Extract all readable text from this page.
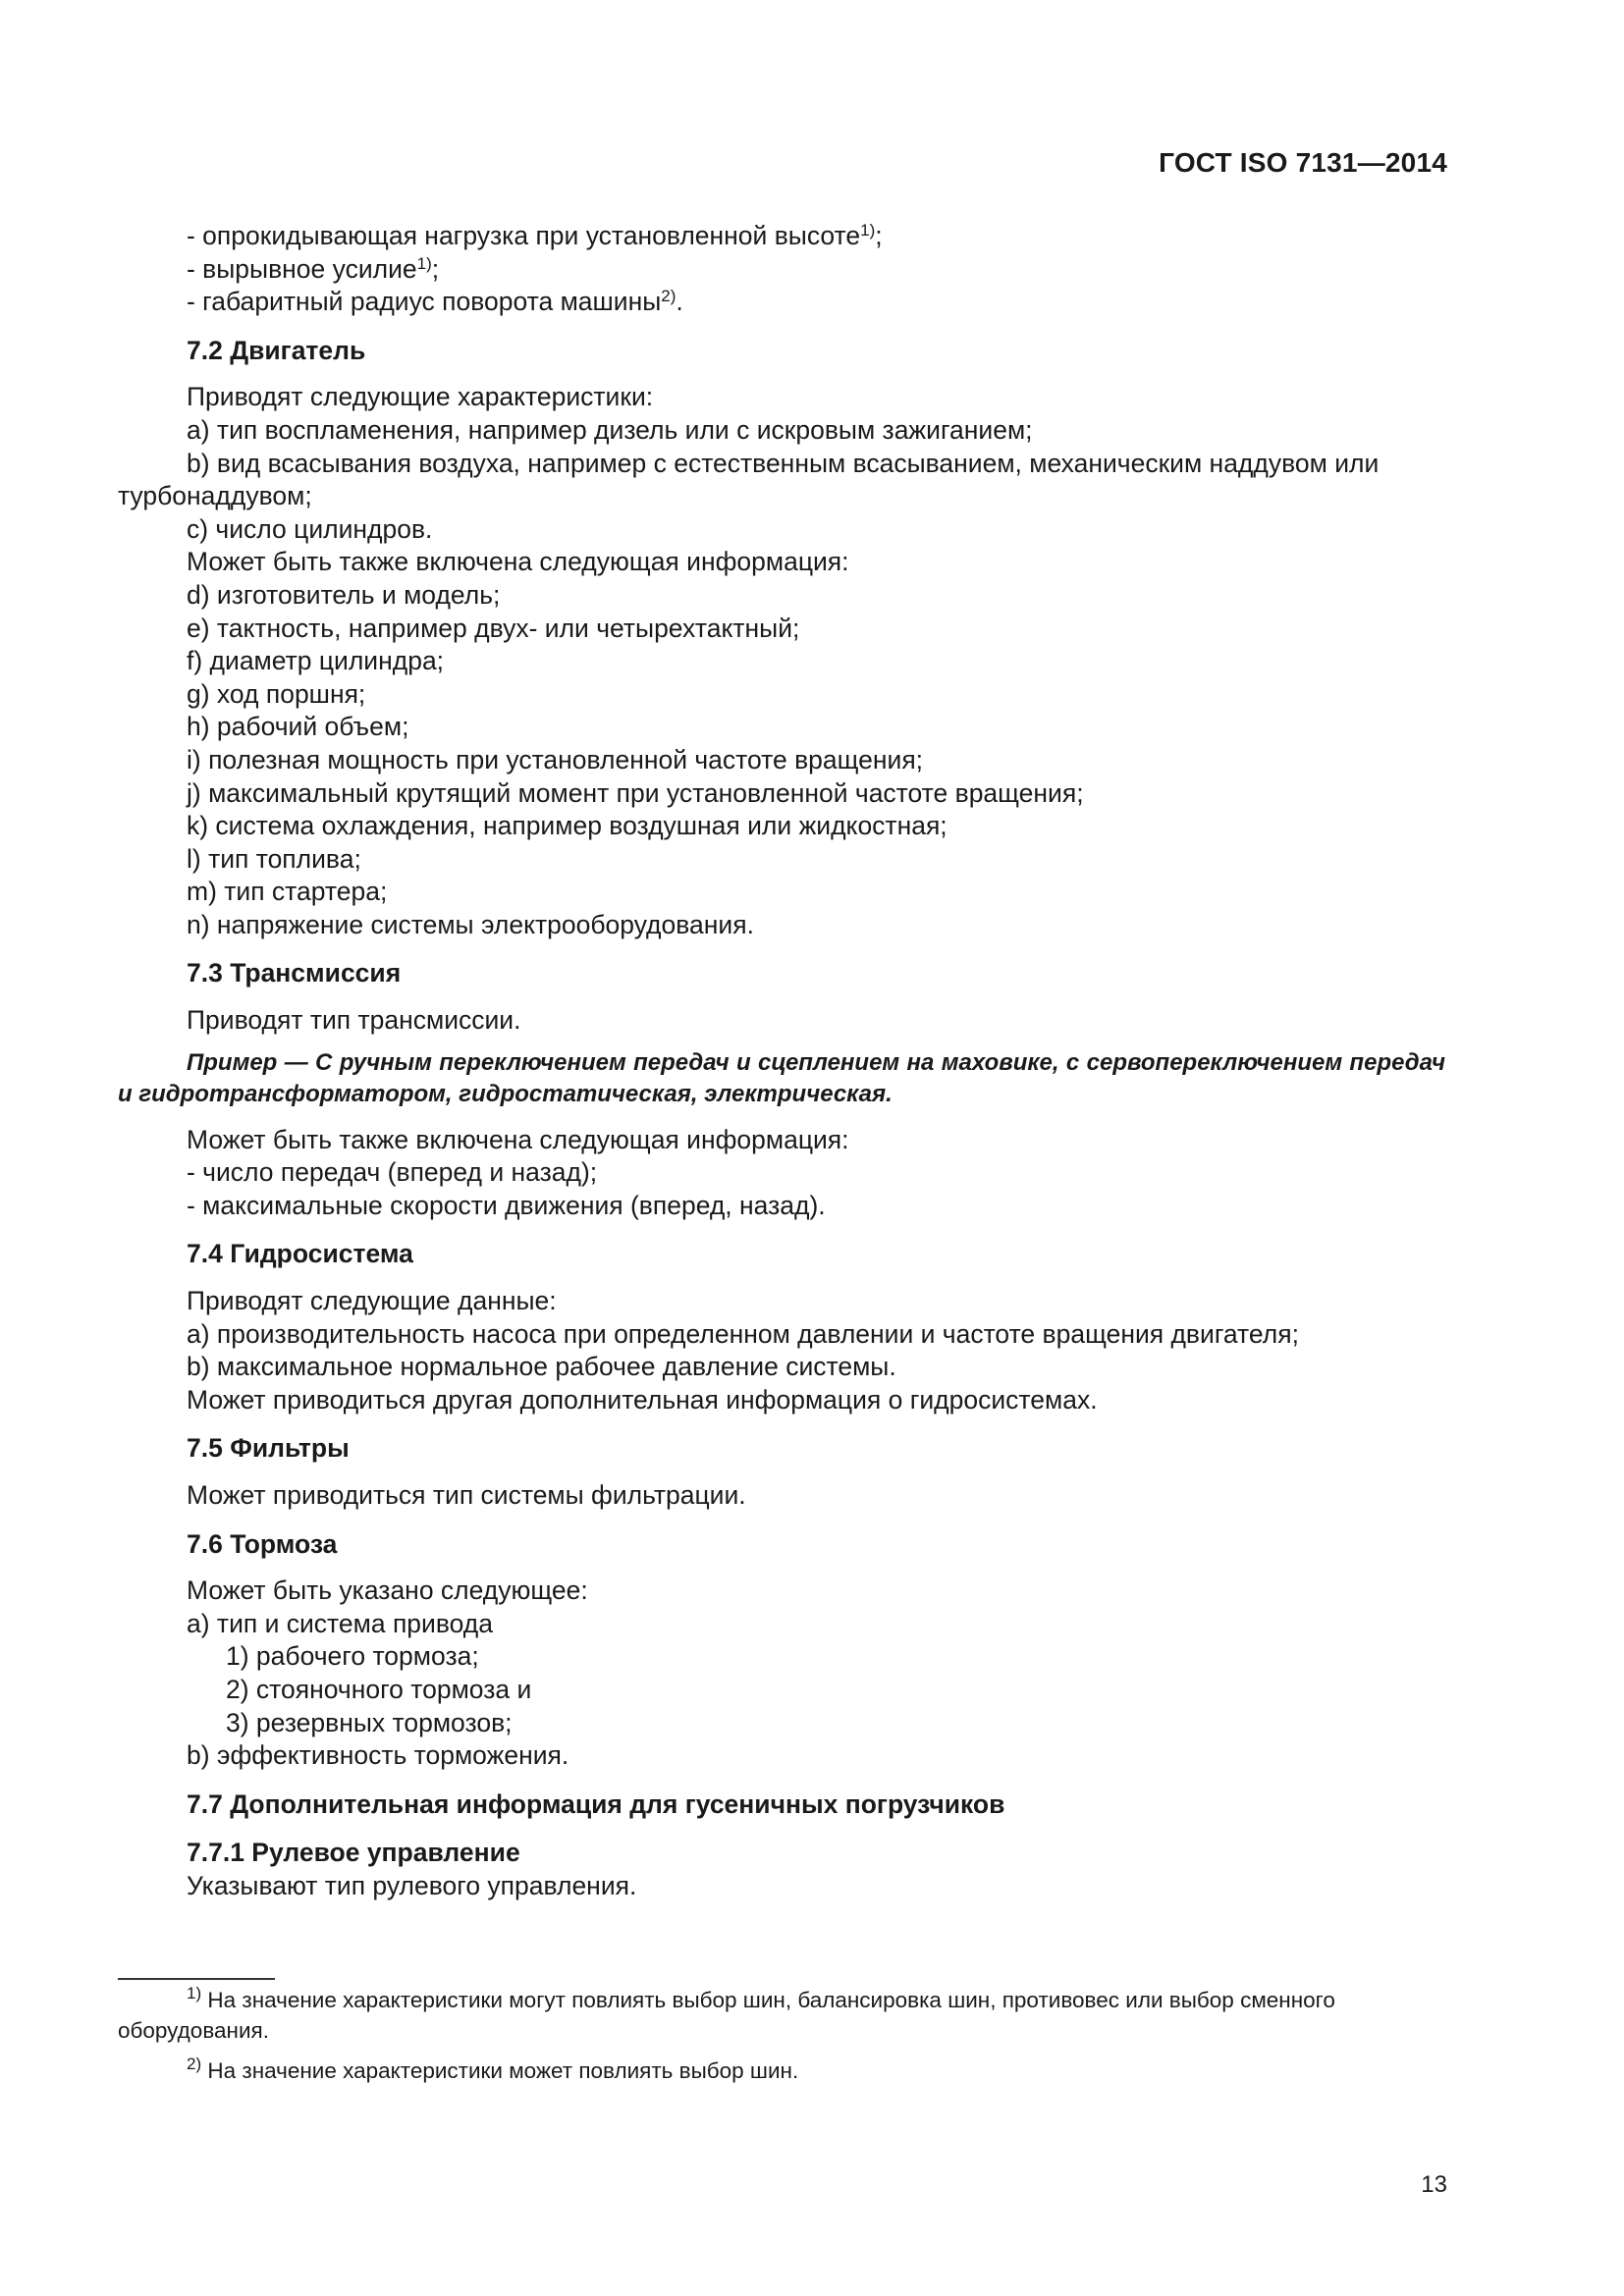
ГОСТ ISO 7131—2014
- опрокидывающая нагрузка при установленной высоте$^{1)}$;
- вырывное усилие$^{1)}$;
- габаритный радиус поворота машины$^{2)}$.
7.2 Двигатель
Приводят следующие характеристики:
a) тип воспламенения, например дизель или с искровым зажиганием;
b) вид всасывания воздуха, например с естественным всасыванием, механическим наддувом или турбонаддувом;
c) число цилиндров.
Может быть также включена следующая информация:
d) изготовитель и модель;
e) тактность, например двух- или четырехтактный;
f) диаметр цилиндра;
g) ход поршня;
h) рабочий объем;
i) полезная мощность при установленной частоте вращения;
j) максимальный крутящий момент при установленной частоте вращения;
k) система охлаждения, например воздушная или жидкостная;
l) тип топлива;
m) тип стартера;
n) напряжение системы электрооборудования.
7.3 Трансмиссия
Приводят тип трансмиссии.
Пример — С ручным переключением передач и сцеплением на маховике, с сервопереключением передач и гидротрансформатором, гидростатическая, электрическая.
Может быть также включена следующая информация:
- число передач (вперед и назад);
- максимальные скорости движения (вперед, назад).
7.4 Гидросистема
Приводят следующие данные:
a) производительность насоса при определенном давлении и частоте вращения двигателя;
b) максимальное нормальное рабочее давление системы.
Может приводиться другая дополнительная информация о гидросистемах.
7.5 Фильтры
Может приводиться тип системы фильтрации.
7.6 Тормоза
Может быть указано следующее:
a) тип и система привода
1) рабочего тормоза;
2) стояночного тормоза и
3) резервных тормозов;
b) эффективность торможения.
7.7 Дополнительная информация для гусеничных погрузчиков
7.7.1 Рулевое управление
Указывают тип рулевого управления.

$^{1)}$ На значение характеристики могут повлиять выбор шин, балансировка шин, противовес или выбор сменного оборудования.

$^{2)}$ На значение характеристики может повлиять выбор шин.

13
